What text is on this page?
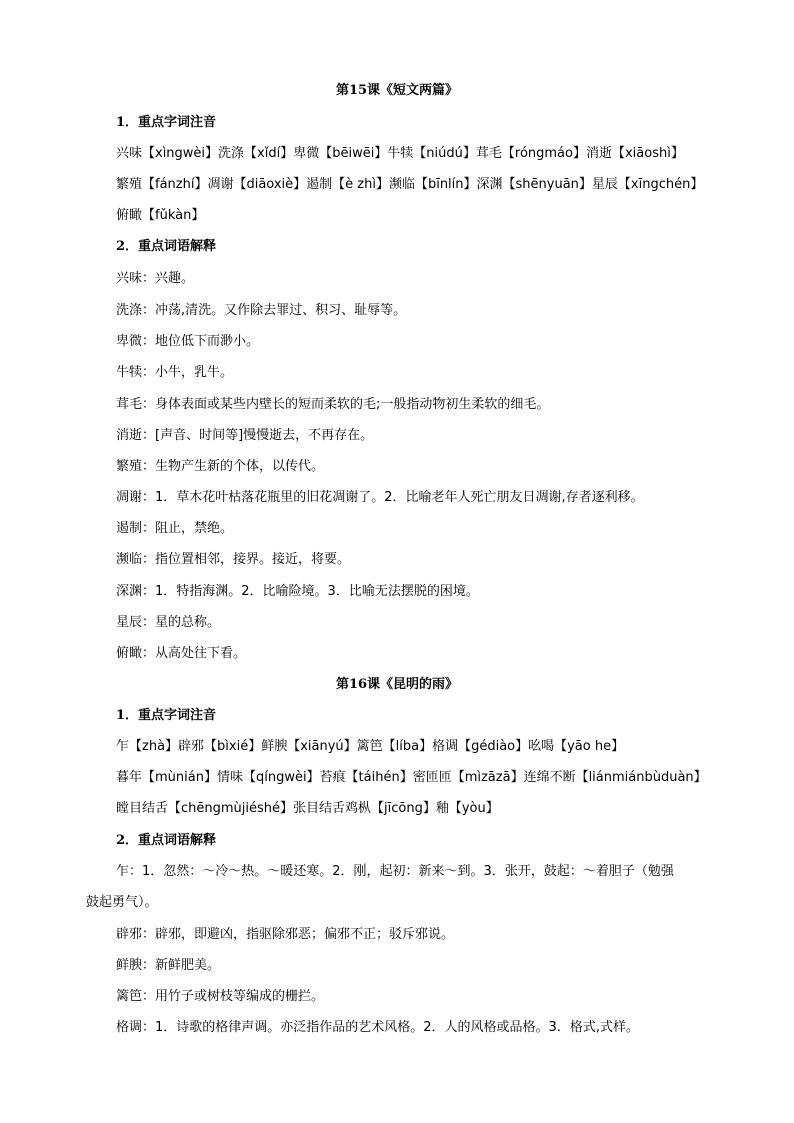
第15课《短文两篇》
1．重点字词注音
兴味【xìngwèi】洗涤【xǐdí】卑微【bēiwēi】牛犊【niúdú】茸毛【róngmáo】消逝【xiāoshì】
繁殖【fánzhí】凋谢【diāoxiè】遏制【è zhì】濒临【bīnlín】深渊【shēnyuān】星辰【xīngchén】
俯瞰【fǔkàn】
2．重点词语解释
兴味：兴趣。
洗涤：冲荡,清洗。又作除去罪过、积习、耻辱等。
卑微：地位低下而渺小。
牛犊：小牛，乳牛。
茸毛：身体表面或某些内壁长的短而柔软的毛;一般指动物初生柔软的细毛。
消逝：[声音、时间等]慢慢逝去，不再存在。
繁殖：生物产生新的个体，以传代。
凋谢：1．草木花叶枯落花瓶里的旧花凋谢了。2．比喻老年人死亡朋友日凋谢,存者逐利移。
遏制：阻止，禁绝。
濒临：指位置相邻，接界。接近，将要。
深渊：1．特指海渊。2．比喻险境。3．比喻无法摆脱的困境。
星辰：星的总称。
俯瞰：从高处往下看。
第16课《昆明的雨》
1．重点字词注音
乍【zhà】辟邪【bìxié】鲜腴【xiānyú】篱笆【líba】格调【gédiào】吆喝【yāo he】
暮年【mùnián】情味【qíngwèi】苔痕【táihén】密匝匝【mìzāzā】连绵不断【liánmiánbùduàn】
瞠目结舌【chēngmùjiéshé】张目结舌鸡枞【jīcōng】釉【yòu】
2．重点词语解释
乍：1．忽然：～冷～热。～暖还寒。2．刚，起初：新来～到。3．张开，鼓起：～着胆子（勉强
鼓起勇气）。
辟邪：辟邪，即避凶，指驱除邪恶；偏邪不正；驳斥邪说。
鲜腴：新鲜肥美。
篱笆：用竹子或树枝等编成的栅拦。
格调：1．诗歌的格律声调。亦泛指作品的艺术风格。2．人的风格或品格。3．格式,式样。
